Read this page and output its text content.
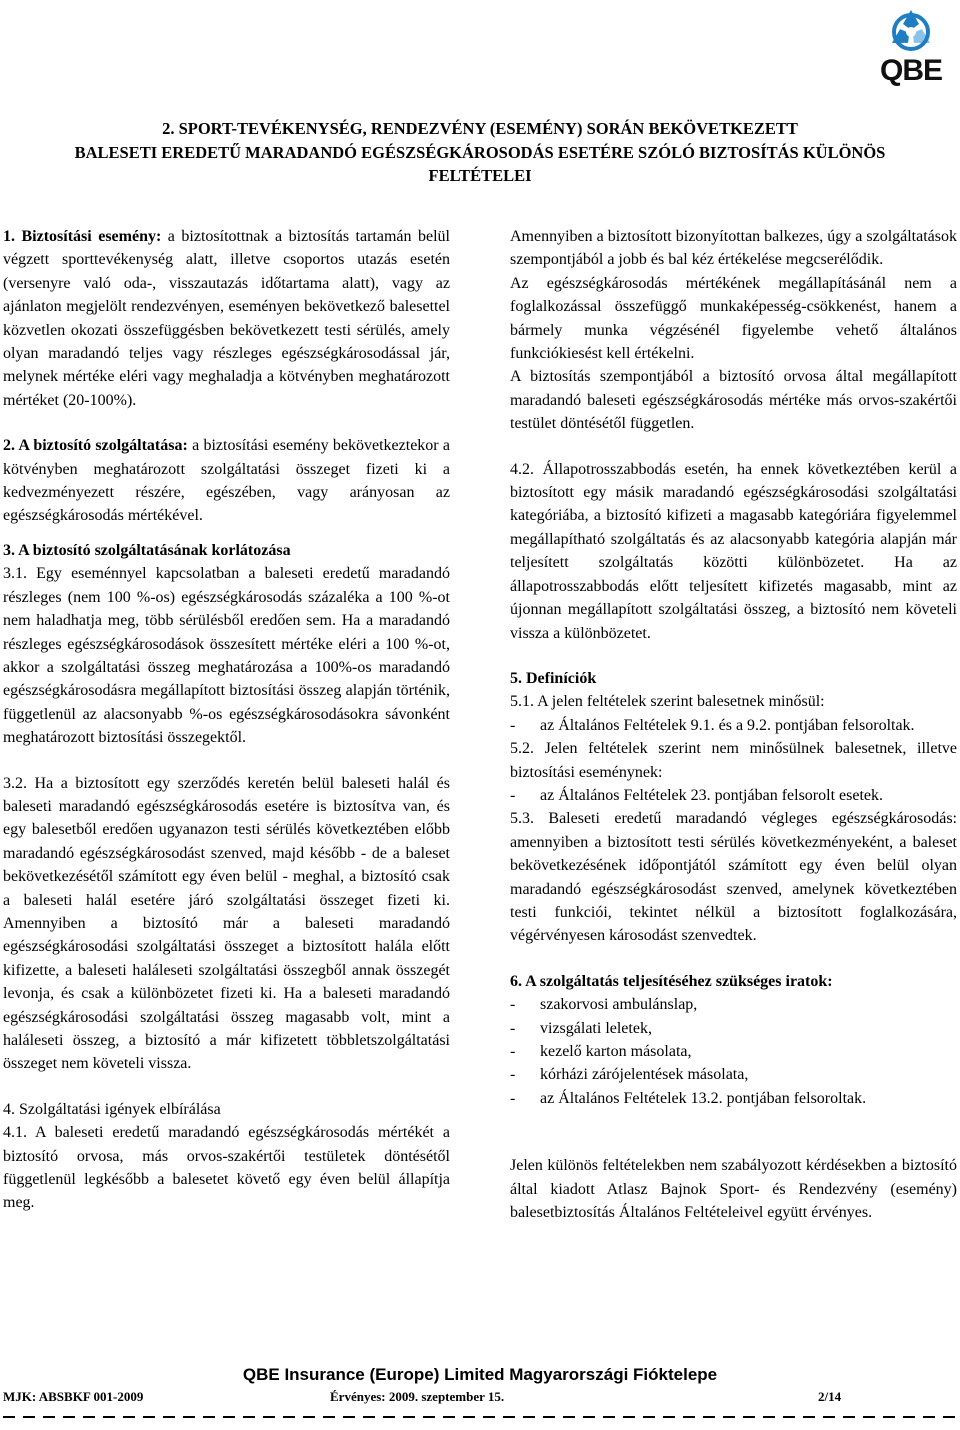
QBE
2. SPORT-TEVÉKENYSÉG, RENDEZVÉNY (ESEMÉNY) SORÁN BEKÖVETKEZETT
BALESETI EREDETŰ MARADANDÓ EGÉSZSÉGKÁROSODÁS ESETÉRE SZÓLÓ BIZTOSÍTÁS KÜLÖNÖS
FELTÉTELEI

1. Biztosítási esemény: a biztosítottnak a biztosítás tartamán belül végzett sporttevékenység alatt, illetve csoportos utazás esetén (versenyre való oda-, visszautazás időtartama alatt), vagy az ajánlaton megjelölt rendezvényen, eseményen bekövetkező balesettel közvetlen okozati összefüggésben bekövetkezett testi sérülés, amely olyan maradandó teljes vagy részleges egészségkárosodással jár, melynek mértéke eléri vagy meghaladja a kötvényben meghatározott mértéket (20-100%).

2. A biztosító szolgáltatása: a biztosítási esemény bekövetkeztekor a kötvényben meghatározott szolgáltatási összeget fizeti ki a kedvezményezett részére, egészében, vagy arányosan az egészségkárosodás mértékével.

3. A biztosító szolgáltatásának korlátozása

3.1. Egy eseménnyel kapcsolatban a baleseti eredetű maradandó részleges (nem 100 %-os) egészségkárosodás százaléka a 100 %-ot nem haladhatja meg, több sérülésből eredően sem. Ha a maradandó részleges egészségkárosodások összesített mértéke eléri a 100 %-ot, akkor a szolgáltatási összeg meghatározása a 100%-os maradandó egészségkárosodásra megállapított biztosítási összeg alapján történik, függetlenül az alacsonyabb %-os egészségkárosodásokra sávonként meghatározott biztosítási összegektől.

3.2. Ha a biztosított egy szerződés keretén belül baleseti halál és baleseti maradandó egészségkárosodás esetére is biztosítva van, és egy balesetből eredően ugyanazon testi sérülés következtében előbb maradandó egészségkárosodást szenved, majd később - de a baleset bekövetkezésétől számított egy éven belül - meghal, a biztosító csak a baleseti halál esetére járó szolgáltatási összeget fizeti ki. Amennyiben a biztosító már a baleseti maradandó egészségkárosodási szolgáltatási összeget a biztosított halála előtt kifizette, a baleseti haláleseti szolgáltatási összegből annak összegét levonja, és csak a különbözetet fizeti ki. Ha a baleseti maradandó egészségkárosodási szolgáltatási összeg magasabb volt, mint a haláleseti összeg, a biztosító a már kifizetett többletszolgáltatási összeget nem követeli vissza.

4. Szolgáltatási igények elbírálása

4.1. A baleseti eredetű maradandó egészségkárosodás mértékét a biztosító orvosa, más orvos-szakértői testületek döntésétől függetlenül legkésőbb a balesetet követő egy éven belül állapítja meg.

Amennyiben a biztosított bizonyítottan balkezes, úgy a szolgáltatások szempontjából a jobb és bal kéz értékelése megcserélődik.

Az egészségkárosodás mértékének megállapításánál nem a foglalkozással összefüggő munkaképesség-csökkenést, hanem a bármely munka végzésénél figyelembe vehető általános funkciókiesést kell értékelni.

A biztosítás szempontjából a biztosító orvosa által megállapított maradandó baleseti egészségkárosodás mértéke más orvos-szakértői testület döntésétől független.

4.2. Állapotrosszabbodás esetén, ha ennek következtében kerül a biztosított egy másik maradandó egészségkárosodási szolgáltatási kategóriába, a biztosító kifizeti a magasabb kategóriára figyelemmel megállapítható szolgáltatás és az alacsonyabb kategória alapján már teljesített szolgáltatás közötti különbözetet. Ha az állapotrosszabbodás előtt teljesített kifizetés magasabb, mint az újonnan megállapított szolgáltatási összeg, a biztosító nem követeli vissza a különbözetet.

5. Definíciók

5.1. A jelen feltételek szerint balesetnek minősül:

-	az Általános Feltételek 9.1. és a 9.2. pontjában felsoroltak.

5.2. Jelen feltételek szerint nem minősülnek balesetnek, illetve biztosítási eseménynek:

-	az Általános Feltételek 23. pontjában felsorolt esetek.

5.3. Baleseti eredetű maradandó végleges egészségkárosodás: amennyiben a biztosított testi sérülés következményeként, a baleset bekövetkezésének időpontjától számított egy éven belül olyan maradandó egészségkárosodást szenved, amelynek következtében testi funkciói, tekintet nélkül a biztosított foglalkozására, végérvényesen károsodást szenvedtek.

6. A szolgáltatás teljesítéséhez szükséges iratok:

-	szakorvosi ambulánslap,
-	vizsgálati leletek,
-	kezelő karton másolata,
-	kórházi zárójelentések másolata,
-	az Általános Feltételek 13.2. pontjában felsoroltak.

Jelen különös feltételekben nem szabályozott kérdésekben a biztosító által kiadott Atlasz Bajnok Sport- és Rendezvény (esemény) balesetbiztosítás Általános Feltételeivel együtt érvényes.

QBE Insurance (Europe) Limited Magyarországi Fióktelepe
MJK: ABSBKF 001-2009	Érvényes: 2009. szeptember 15.	2/14
